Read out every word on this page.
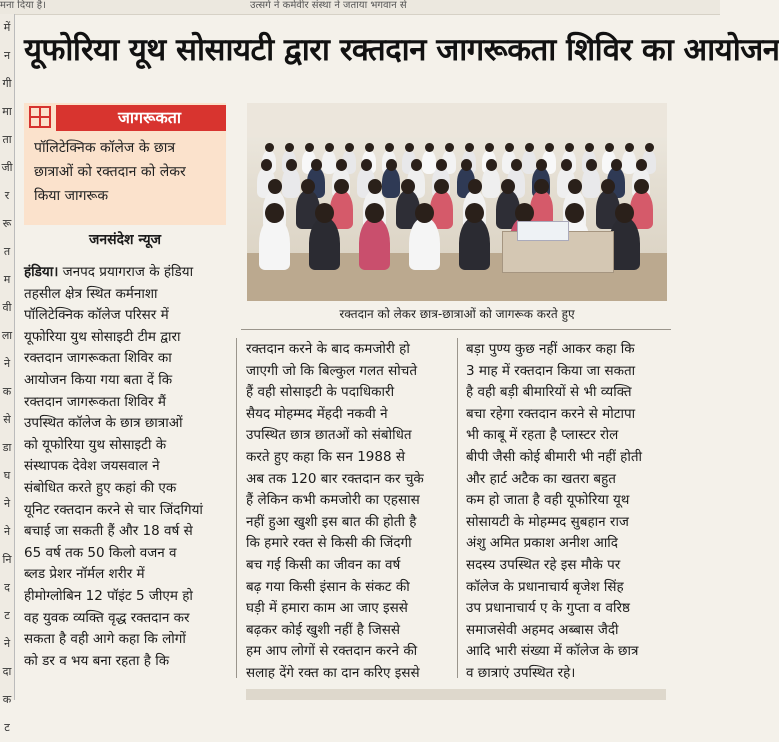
मना दिया है।	उत्सर्ग ने कर्मवीर संस्था ने जताया भगवान से
में
न
गी
मा
ता
जी
र
रू
त
म
वी
ला
ने
क
से
डा
घ
ने
ने
नि
द
ट
ने
दा
क
ट
यूफोरिया यूथ सोसायटी द्वारा रक्तदान जागरूकता शिविर का आयोजन
जागरूकता
पॉलिटेक्निक कॉलेज के छात्र
छात्राओं को रक्तदान को लेकर
किया जागरूक
जनसंदेश न्यूज
रक्तदान को लेकर छात्र-छात्राओं को जागरूक करते हुए
हंडिया। जनपद प्रयागराज के हंडिया
तहसील क्षेत्र स्थित कर्मनाशा
पॉलिटेक्निक कॉलेज परिसर में
यूफोरिया युथ सोसाइटी टीम द्वारा
रक्तदान जागरूकता शिविर का
आयोजन किया गया बता दें कि
रक्तदान जागरूकता शिविर मैं
उपस्थित कॉलेज के छात्र छात्राओं
को यूफोरिया युथ सोसाइटी के
संस्थापक देवेश जयसवाल ने
संबोधित करते हुए कहां की एक
यूनिट रक्तदान करने से चार जिंदगियां
बचाई जा सकती हैं और 18 वर्ष से
65 वर्ष तक 50 किलो वजन व
ब्लड प्रेशर नॉर्मल शरीर में
हीमोग्लोबिन 12 पॉइंट 5 जीएम हो
वह युवक व्यक्ति वृद्ध रक्तदान कर
सकता है वही आगे कहा कि लोगों
को डर व भय बना रहता है कि
रक्तदान करने के बाद कमजोरी हो
जाएगी जो कि बिल्कुल गलत सोचते
हैं वही सोसाइटी के पदाधिकारी
सैयद मोहम्मद मेंहदी नकवी ने
उपस्थित छात्र छातओं को संबोधित
करते हुए कहा कि सन 1988 से
अब तक 120 बार रक्तदान कर चुके
हैं लेकिन कभी कमजोरी का एहसास
नहीं हुआ खुशी इस बात की होती है
कि हमारे रक्त से किसी की जिंदगी
बच गई किसी का जीवन का वर्ष
बढ़ गया किसी इंसान के संकट की
घड़ी में हमारा काम आ जाए इससे
बढ़कर कोई खुशी नहीं है जिससे
हम आप लोगों से रक्तदान करने की
सलाह देंगे रक्त का दान करिए इससे
बड़ा पुण्य कुछ नहीं आकर कहा कि
3 माह में रक्तदान किया जा सकता
है वही बड़ी बीमारियों से भी व्यक्ति
बचा रहेगा रक्तदान करने से मोटापा
भी काबू में रहता है प्लास्टर रोल
बीपी जैसी कोई बीमारी भी नहीं होती
और हार्ट अटैक का खतरा बहुत
कम हो जाता है वही यूफोरिया यूथ
सोसायटी के मोहम्मद सुबहान राज
अंशु अमित प्रकाश अनीश आदि
सदस्य उपस्थित रहे इस मौके पर
कॉलेज के प्रधानाचार्य बृजेश सिंह
उप प्रधानाचार्य ए के गुप्ता व वरिष्ठ
समाजसेवी अहमद अब्बास जैदी
आदि भारी संख्या में कॉलेज के छात्र
व छात्राएं उपस्थित रहे।
